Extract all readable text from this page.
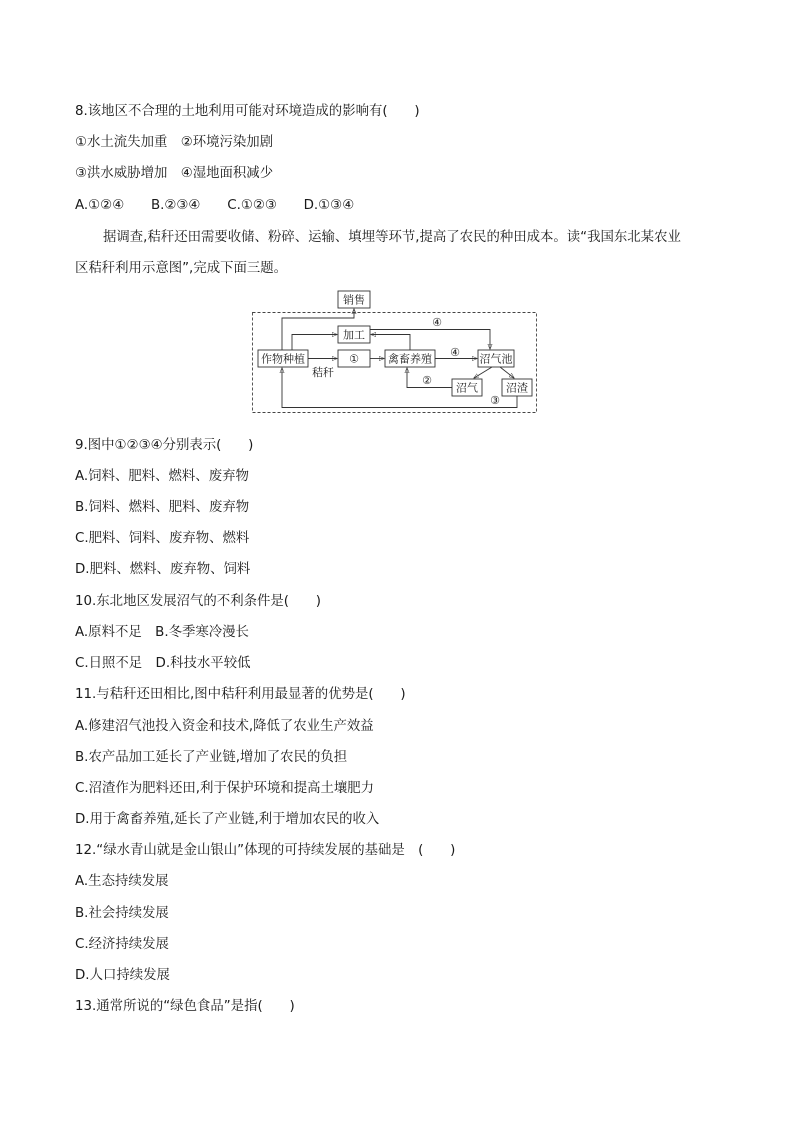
8.该地区不合理的土地利用可能对环境造成的影响有(　　)
①水土流失加重　②环境污染加剧
③洪水威胁增加　④湿地面积减少
A.①②④　　B.②③④　　C.①②③　　D.①③④
据调查,秸秆还田需要收储、粉碎、运输、填埋等环节,提高了农民的种田成本。读“我国东北某农业
区秸秆利用示意图”,完成下面三题。
销售
加工
作物种植	①	禽畜养殖	沼气池
沼气	沼渣
秸秆
④
④
②
③
9.图中①②③④分别表示(　　)
A.饲料、肥料、燃料、废弃物
B.饲料、燃料、肥料、废弃物
C.肥料、饲料、废弃物、燃料
D.肥料、燃料、废弃物、饲料
10.东北地区发展沼气的不利条件是(　　)
A.原料不足　B.冬季寒冷漫长
C.日照不足　D.科技水平较低
11.与秸秆还田相比,图中秸秆利用最显著的优势是(　　)
A.修建沼气池投入资金和技术,降低了农业生产效益
B.农产品加工延长了产业链,增加了农民的负担
C.沼渣作为肥料还田,利于保护环境和提高土壤肥力
D.用于禽畜养殖,延长了产业链,利于增加农民的收入
12.“绿水青山就是金山银山”体现的可持续发展的基础是　(　　)
A.生态持续发展
B.社会持续发展
C.经济持续发展
D.人口持续发展
13.通常所说的“绿色食品”是指(　　)
